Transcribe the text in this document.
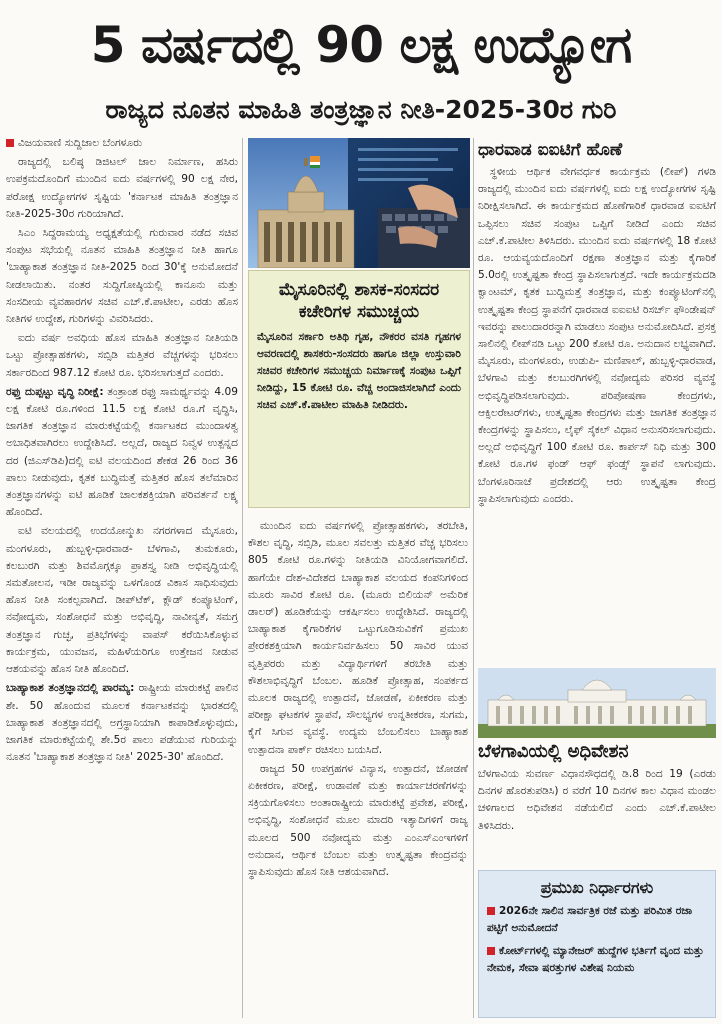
5 ವರ್ಷದಲ್ಲಿ 90 ಲಕ್ಷ ಉದ್ಯೋಗ
ರಾಜ್ಯದ ನೂತನ ಮಾಹಿತಿ ತಂತ್ರಜ್ಞಾನ ನೀತಿ-2025-30ರ ಗುರಿ

ವಿಜಯವಾಣಿ ಸುದ್ದಿಜಾಲ ಬೆಂಗಳೂರು

ರಾಜ್ಯದಲ್ಲಿ ಬಲಿಷ್ಠ ಡಿಜಿಟಲ್ ಜಾಲ ನಿರ್ಮಾಣ, ಹಸಿರು ಉಪಕ್ರಮದೊಂದಿಗೆ ಮುಂದಿನ ಐದು ವರ್ಷಗಳಲ್ಲಿ 90 ಲಕ್ಷ ನೇರ, ಪರೋಕ್ಷ ಉದ್ಯೋಗಗಳ ಸೃಷ್ಟಿಯ 'ಕರ್ನಾಟಕ ಮಾಹಿತಿ ತಂತ್ರಜ್ಞಾನ ನೀತಿ-2025-30ರ ಗುರಿಯಾಗಿದೆ.

ಸಿಎಂ ಸಿದ್ದರಾಮಯ್ಯ ಅಧ್ಯಕ್ಷತೆಯಲ್ಲಿ ಗುರುವಾರ ನಡೆದ ಸಚಿವ ಸಂಪುಟ ಸಭೆಯಲ್ಲಿ ನೂತನ ಮಾಹಿತಿ ತಂತ್ರಜ್ಞಾನ ನೀತಿ ಹಾಗೂ 'ಬಾಹ್ಯಾಕಾಶ ತಂತ್ರಜ್ಞಾನ ನೀತಿ-2025 ರಿಂದ 30'ಕ್ಕೆ ಅನುಮೋದನೆ ನೀಡಲಾಯಿತು. ನಂತರ ಸುದ್ದಿಗೋಷ್ಠಿಯಲ್ಲಿ ಕಾನೂನು ಮತ್ತು ಸಂಸದೀಯ ವ್ಯವಹಾರಗಳ ಸಚಿವ ಎಚ್.ಕೆ.ಪಾಟೀಲ, ಎರಡು ಹೊಸ ನೀತಿಗಳ ಉದ್ದೇಶ, ಗುರಿಗಳನ್ನು ವಿವರಿಸಿದರು.

ಐದು ವರ್ಷ ಅವಧಿಯ ಹೊಸ ಮಾಹಿತಿ ತಂತ್ರಜ್ಞಾನ ನೀತಿಯಡಿ ಒಟ್ಟು ಪ್ರೋತ್ಸಾಹಕಗಳು, ಸಬ್ಸಿಡಿ ಮತ್ತಿತರ ವೆಚ್ಚಗಳನ್ನು ಭರಿಸಲು ಸರ್ಕಾರದಿಂದ 987.12 ಕೋಟಿ ರೂ. ಭರಿಸಲಾಗುತ್ತದೆ ಎಂದರು.

ರಫ್ತು ದುಪ್ಪಟ್ಟು ವೃದ್ಧಿ ನಿರೀಕ್ಷೆ: ತಂತ್ರಾಂಶ ರಫ್ತು ಸಾಮರ್ಥ್ಯವನ್ನು 4.09 ಲಕ್ಷ ಕೋಟಿ ರೂ.ಗಳಿಂದ 11.5 ಲಕ್ಷ ಕೋಟಿ ರೂ.ಗೆ ವೃದ್ಧಿಸಿ, ಜಾಗತಿಕ ತಂತ್ರಜ್ಞಾನ ಮಾರುಕಟ್ಟೆಯಲ್ಲಿ ಕರ್ನಾಟಕದ ಮುಂದಾಳತ್ವ ಅಬಾಧಿತವಾಗಿರಲು ಉದ್ದೇಶಿಸಿದೆ. ಅಲ್ಲದೆ, ರಾಜ್ಯದ ನಿವ್ವಳ ಉತ್ಪನ್ನದ ದರ (ಜಿಎಸ್‌ಡಿಪಿ)ದಲ್ಲಿ ಐಟಿ ವಲಯದಿಂದ ಶೇಕಡ 26 ರಿಂದ 36 ಪಾಲು ನೀಡುವುದು, ಕೃತಕ ಬುದ್ಧಿಮತ್ತೆ ಮತ್ತಿತರ ಹೊಸ ತಲೆಮಾರಿನ ತಂತ್ರಜ್ಞಾನಗಳನ್ನು ಐಟಿ ಹೂಡಿಕೆ ಚಾಲಕಶಕ್ತಿಯಾಗಿ ಪರಿವರ್ತನೆ ಲಕ್ಷ್ಯ ಹೊಂದಿದೆ.

ಐಟಿ ವಲಯದಲ್ಲಿ ಉದಯೋನ್ಮುಖ ನಗರಗಳಾದ ಮೈಸೂರು, ಮಂಗಳೂರು, ಹುಬ್ಬಳ್ಳಿ-ಧಾರವಾಡ- ಬೆಳಗಾವಿ, ತುಮಕೂರು, ಕಲಬುರಗಿ ಮತ್ತು ಶಿವಮೊಗ್ಗಕ್ಕೂ ಪ್ರಾಶಸ್ತ್ಯ ನೀಡಿ ಅಭಿವೃದ್ಧಿಯಲ್ಲಿ ಸಮತೋಲನ, ಇಡೀ ರಾಜ್ಯವನ್ನು ಒಳಗೊಂಡ ವಿಕಾಸ ಸಾಧಿಸುವುದು ಹೊಸ ನೀತಿ ಸಂಕಲ್ಪವಾಗಿದೆ. ಡೀಪ್‌ಟೆಕ್, ಕ್ಲೌಡ್ ಕಂಪ್ಯೂಟಿಂಗ್, ನವೋದ್ಯಮ, ಸಂಶೋಧನೆ ಮತ್ತು ಅಭಿವೃದ್ಧಿ, ನಾವೀನ್ಯತೆ, ಸಮಗ್ರ ತಂತ್ರಜ್ಞಾನ ಗುಚ್ಛ, ಪ್ರತಿಭೆಗಳನ್ನು ವಾಪಸ್ ಕರೆಯಿಸಿಕೊಳ್ಳುವ ಕಾರ್ಯಕ್ರಮ, ಯುವಜನ, ಮಹಿಳೆಯರಿಗೂ ಉತ್ತೇಜನ ನೀಡುವ ಆಶಯವನ್ನು ಹೊಸ ನೀತಿ ಹೊಂದಿದೆ.

ಬಾಹ್ಯಾಕಾಶ ತಂತ್ರಜ್ಞಾನದಲ್ಲಿ ಪಾರಮ್ಯ: ರಾಷ್ಟ್ರೀಯ ಮಾರುಕಟ್ಟೆ ಪಾಲಿನ ಶೇ. 50 ಹೊಂದುವ ಮೂಲಕ ಕರ್ನಾಟಕವನ್ನು ಭಾರತದಲ್ಲಿ ಬಾಹ್ಯಾಕಾಶ ತಂತ್ರಜ್ಞಾನದಲ್ಲಿ ಅಗ್ರಸ್ಥಾನಿಯಾಗಿ ಕಾಪಾಡಿಕೊಳ್ಳುವುದು, ಜಾಗತಿಕ ಮಾರುಕಟ್ಟೆಯಲ್ಲಿ ಶೇ.5ರ ಪಾಲು ಪಡೆಯುವ ಗುರಿಯನ್ನು ನೂತನ 'ಬಾಹ್ಯಾಕಾಶ ತಂತ್ರಜ್ಞಾನ ನೀತಿ' 2025-30' ಹೊಂದಿದೆ.

ಮೈಸೂರಿನಲ್ಲಿ ಶಾಸಕ-ಸಂಸದರ ಕಚೇರಿಗಳ ಸಮುಚ್ಚಯ
ಮೈಸೂರಿನ ಸರ್ಕಾರಿ ಅತಿಥಿ ಗೃಹ, ನೌಕರರ ವಸತಿ ಗೃಹಗಳ ಆವರಣದಲ್ಲಿ ಶಾಸಕರು-ಸಂಸದರು ಹಾಗೂ ಜಿಲ್ಲಾ ಉಸ್ತುವಾರಿ ಸಚಿವರ ಕಚೇರಿಗಳ ಸಮುಚ್ಚಯ ನಿರ್ಮಾಣಕ್ಕೆ ಸಂಪುಟ ಒಪ್ಪಿಗೆ ನೀಡಿದ್ದು, 15 ಕೋಟಿ ರೂ. ವೆಚ್ಚ ಅಂದಾಜಿಸಲಾಗಿದೆ ಎಂದು ಸಚಿವ ಎಚ್.ಕೆ.ಪಾಟೀಲ ಮಾಹಿತಿ ನೀಡಿದರು.

ಮುಂದಿನ ಐದು ವರ್ಷಗಳಲ್ಲಿ ಪ್ರೋತ್ಸಾಹಕಗಳು, ತರಬೇತಿ, ಕೌಶಲ ವೃದ್ಧಿ, ಸಬ್ಸಿಡಿ, ಮೂಲ ಸವಲತ್ತು ಮತ್ತಿತರ ವೆಚ್ಚ ಭರಿಸಲು 805 ಕೋಟಿ ರೂ.ಗಳನ್ನು ನೀತಿಯಡಿ ವಿನಿಯೋಗವಾಗಲಿದೆ. ಹಾಗೆಯೇ ದೇಶ-ವಿದೇಶದ ಬಾಹ್ಯಾಕಾಶ ವಲಯದ ಕಂಪನಿಗಳಿಂದ ಮೂರು ಸಾವಿರ ಕೋಟಿ ರೂ. (ಮೂರು ಬಿಲಿಯನ್ ಅಮೆರಿಕ ಡಾಲರ್) ಹೂಡಿಕೆಯನ್ನು ಆಕರ್ಷಿಸಲು ಉದ್ದೇಶಿಸಿದೆ. ರಾಜ್ಯದಲ್ಲಿ ಬಾಹ್ಯಾಕಾಶ ಕೈಗಾರಿಕೆಗಳ ಒಟ್ಟುಗೂಡಿಸುವಿಕೆಗೆ ಪ್ರಮುಖ ಪ್ರೇರಕಶಕ್ತಿಯಾಗಿ ಕಾರ್ಯನಿರ್ವಹಿಸಲು 50 ಸಾವಿರ ಯುವ ವೃತ್ತಿಪರರು ಮತ್ತು ವಿದ್ಯಾರ್ಥಿಗಳಿಗೆ ತರಬೇತಿ ಮತ್ತು ಕೌಶಲಾಭಿವೃದ್ಧಿಗೆ ಬೆಂಬಲ. ಹೂಡಿಕೆ ಪ್ರೋತ್ಸಾಹ, ಸಂಪರ್ಕದ ಮೂಲಕ ರಾಜ್ಯದಲ್ಲಿ ಉತ್ಪಾದನೆ, ಜೋಡಣೆ, ಏಕೀಕರಣ ಮತ್ತು ಪರೀಕ್ಷಾ ಘಟಕಗಳ ಸ್ಥಾಪನೆ, ಸೌಲಭ್ಯಗಳ ಉನ್ನತೀಕರಣ, ಸುಗಮ, ಕೈಗೆ ಸಿಗುವ ವ್ಯವಸ್ಥೆ. ಉದ್ಯಮ ಬೆಂಬಲಿಸಲು ಬಾಹ್ಯಾಕಾಶ ಉತ್ಪಾದನಾ ಪಾರ್ಕ್ ರಚಿಸಲು ಬಯಸಿದೆ.

ರಾಜ್ಯದ 50 ಉಪಗ್ರಹಗಳ ವಿನ್ಯಾಸ, ಉತ್ಪಾದನೆ, ಜೋಡಣೆ ಏಕೀಕರಣ, ಪರೀಕ್ಷೆ, ಉಡಾವಣೆ ಮತ್ತು ಕಾರ್ಯಾಚರಣೆಗಳನ್ನು ಸಕ್ರಿಯಗೊಳಿಸಲು ಅಂತಾರಾಷ್ಟ್ರೀಯ ಮಾರುಕಟ್ಟೆ ಪ್ರವೇಶ, ಪರೀಕ್ಷೆ, ಅಭಿವೃದ್ಧಿ, ಸಂಶೋಧನೆ ಮೂಲ ಮಾದರಿ ಇತ್ಯಾದಿಗಳಿಗೆ ರಾಜ್ಯ ಮೂಲದ 500 ನವೋದ್ಯಮ ಮತ್ತು ಎಂಎಸ್‌ಎಂಇಗಳಿಗೆ ಅನುದಾನ, ಆರ್ಥಿಕ ಬೆಂಬಲ ಮತ್ತು ಉತ್ಕೃಷ್ಟತಾ ಕೇಂದ್ರವನ್ನು ಸ್ಥಾಪಿಸುವುದು ಹೊಸ ನೀತಿ ಆಶಯವಾಗಿದೆ.

ಧಾರವಾಡ ಐಐಟಿಗೆ ಹೊಣೆ

ಸ್ಥಳೀಯ ಆರ್ಥಿಕ ವೇಗವರ್ಧಕ ಕಾರ್ಯಕ್ರಮ (ಲೀಪ್) ಗಳಡಿ ರಾಜ್ಯದಲ್ಲಿ ಮುಂದಿನ ಐದು ವರ್ಷಗಳಲ್ಲಿ ಐದು ಲಕ್ಷ ಉದ್ಯೋಗಗಳ ಸೃಷ್ಟಿ ನಿರೀಕ್ಷಿಸಲಾಗಿದೆ. ಈ ಕಾರ್ಯಕ್ರಮದ ಹೊಣೆಗಾರಿಕೆ ಧಾರವಾಡ ಐಐಟಿಗೆ ಒಪ್ಪಿಸಲು ಸಚಿವ ಸಂಪುಟ ಒಪ್ಪಿಗೆ ನೀಡಿದೆ ಎಂದು ಸಚಿವ ಎಚ್.ಕೆ.ಪಾಟೀಲ ತಿಳಿಸಿದರು. ಮುಂದಿನ ಐದು ವರ್ಷಗಳಲ್ಲಿ 18 ಕೋಟಿ ರೂ. ಆಯವ್ಯಯದೊಂದಿಗೆ ರಕ್ಷಣಾ ತಂತ್ರಜ್ಞಾನ ಮತ್ತು ಕೈಗಾರಿಕೆ 5.0ರಲ್ಲಿ ಉತ್ಕೃಷ್ಟತಾ ಕೇಂದ್ರ ಸ್ಥಾಪಿಸಲಾಗುತ್ತದೆ. ಇದೇ ಕಾರ್ಯಕ್ರಮದಡಿ ಕ್ವಾಂಟಮ್, ಕೃತಕ ಬುದ್ಧಿಮತ್ತೆ ತಂತ್ರಜ್ಞಾನ, ಮತ್ತು ಕಂಪ್ಯೂಟಿಂಗ್‌ನಲ್ಲಿ ಉತ್ಕೃಷ್ಟತಾ ಕೇಂದ್ರ ಸ್ಥಾಪನೆಗೆ ಧಾರವಾಡ ಐಐಐಟಿ ರಿಸರ್ಚ್ ಫೌಂಡೇಷನ್ ಇವರನ್ನು ಪಾಲುದಾರರನ್ನಾಗಿ ಮಾಡಲು ಸಂಪುಟ ಅನುಮೋದಿಸಿದೆ. ಪ್ರಸಕ್ತ ಸಾಲಿನಲ್ಲಿ ಲೀಪ್‌ನಡಿ ಒಟ್ಟು 200 ಕೋಟಿ ರೂ. ಅನುದಾನ ಲಭ್ಯವಾಗಿದೆ. ಮೈಸೂರು, ಮಂಗಳೂರು, ಉಡುಪಿ- ಮಣಿಪಾಲ್, ಹುಬ್ಬಳ್ಳಿ-ಧಾರವಾಡ, ಬೆಳಗಾವಿ ಮತ್ತು ಕಲಬುರಗಿಗಳಲ್ಲಿ ನವೋದ್ಯಮ ಪರಿಸರ ವ್ಯವಸ್ಥೆ ಅಭಿವೃದ್ಧಿಪಡಿಸಲಾಗುವುದು. ಪರಿಪೋಷಣಾ ಕೇಂದ್ರಗಳು, ಆಕ್ಸಿಲರೇಟರ್‌ಗಳು, ಉತ್ಕೃಷ್ಟತಾ ಕೇಂದ್ರಗಳು ಮತ್ತು ಜಾಗತಿಕ ತಂತ್ರಜ್ಞಾನ ಕೇಂದ್ರಗಳನ್ನು ಸ್ಥಾಪಿಸಲು, ಲೈಫ್ ಸೈಕಲ್ ವಿಧಾನ ಅನುಸರಿಸಲಾಗುವುದು. ಅಲ್ಲದೆ ಅಭಿವೃದ್ಧಿಗೆ 100 ಕೋಟಿ ರೂ. ಕಾರ್ಪಸ್ ನಿಧಿ ಮತ್ತು 300 ಕೋಟಿ ರೂ.ಗಳ ಫಂಡ್ ಆಫ್ ಫಂಡ್ಸ್ ಸ್ಥಾಪನೆ ಲಾಗುವುದು. ಬೆಂಗಳೂರಿನಾಚೆ ಪ್ರದೇಶದಲ್ಲಿ ಆರು ಉತ್ಕೃಷ್ಟತಾ ಕೇಂದ್ರ ಸ್ಥಾಪಿಸಲಾಗುವುದು ಎಂದರು.

ಬೆಳಗಾವಿಯಲ್ಲಿ ಅಧಿವೇಶನ

ಬೆಳಗಾವಿಯ ಸುವರ್ಣ ವಿಧಾನಸೌಧದಲ್ಲಿ ಡಿ.8 ರಿಂದ 19 (ಎರಡು ದಿನಗಳ ಹೊರತುಪಡಿಸಿ) ರ ವರೆಗೆ 10 ದಿನಗಳ ಕಾಲ ವಿಧಾನ ಮಂಡಲ ಚಳಿಗಾಲದ ಅಧಿವೇಶನ ನಡೆಯಲಿದೆ ಎಂದು ಎಚ್.ಕೆ.ಪಾಟೀಲ ತಿಳಿಸಿದರು.

ಪ್ರಮುಖ ನಿರ್ಧಾರಗಳು
2026ನೇ ಸಾಲಿನ ಸಾರ್ವತ್ರಿಕ ರಜೆ ಮತ್ತು ಪರಿಮಿತ ರಜಾ ಪಟ್ಟಿಗೆ ಅನುಮೋದನೆ
ಕೋರ್ಟ್‌ಗಳಲ್ಲಿ ಮ್ಯಾನೇಜರ್ ಹುದ್ದೆಗಳ ಭರ್ತಿಗೆ ವೃಂದ ಮತ್ತು ನೇಮಕ, ಸೇವಾ ಷರತ್ತುಗಳ ವಿಶೇಷ ನಿಯಮ
